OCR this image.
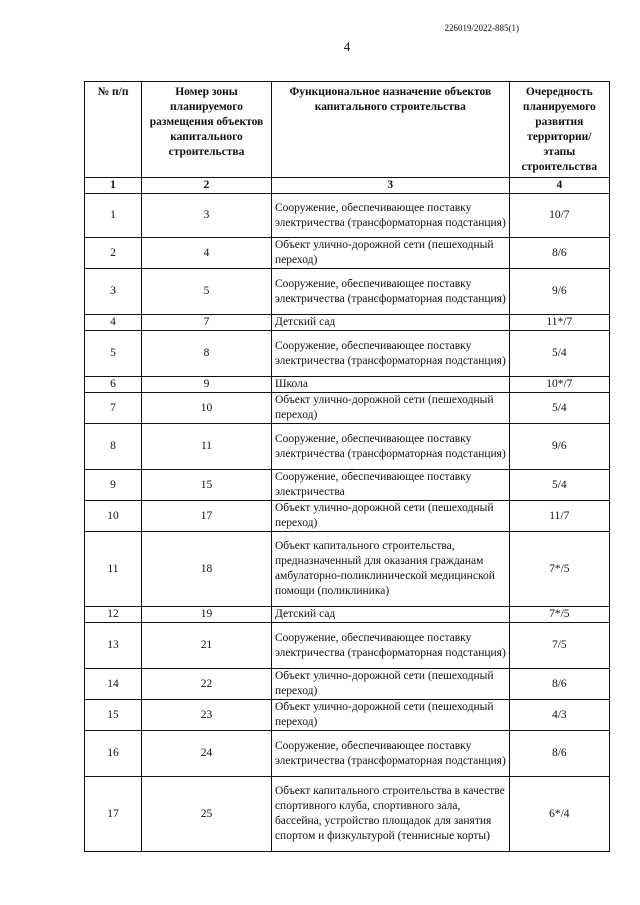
226019/2022-885(1)
4
№ п/п	Номер зоны планируемого размещения объектов капитального строительства	Функциональное назначение объектов капитального строительства	Очередность планируемого развития территории/ этапы строительства
1	2	3	4
1	3	Сооружение, обеспечивающее поставку электричества (трансформаторная подстанция)	10/7
2	4	Объект улично-дорожной сети (пешеходный переход)	8/6
3	5	Сооружение, обеспечивающее поставку электричества (трансформаторная подстанция)	9/6
4	7	Детский сад	11*/7
5	8	Сооружение, обеспечивающее поставку электричества (трансформаторная подстанция)	5/4
6	9	Школа	10*/7
7	10	Объект улично-дорожной сети (пешеходный переход)	5/4
8	11	Сооружение, обеспечивающее поставку электричества (трансформаторная подстанция)	9/6
9	15	Сооружение, обеспечивающее поставку электричества	5/4
10	17	Объект улично-дорожной сети (пешеходный переход)	11/7
11	18	Объект капитального строительства, предназначенный для оказания гражданам амбулаторно-поликлинической медицинской помощи (поликлиника)	7*/5
12	19	Детский сад	7*/5
13	21	Сооружение, обеспечивающее поставку электричества (трансформаторная подстанция)	7/5
14	22	Объект улично-дорожной сети (пешеходный переход)	8/6
15	23	Объект улично-дорожной сети (пешеходный переход)	4/3
16	24	Сооружение, обеспечивающее поставку электричества (трансформаторная подстанция)	8/6
17	25	Объект капитального строительства в качестве спортивного клуба, спортивного зала, бассейна, устройство площадок для занятия спортом и физкультурой (теннисные корты)	6*/4
